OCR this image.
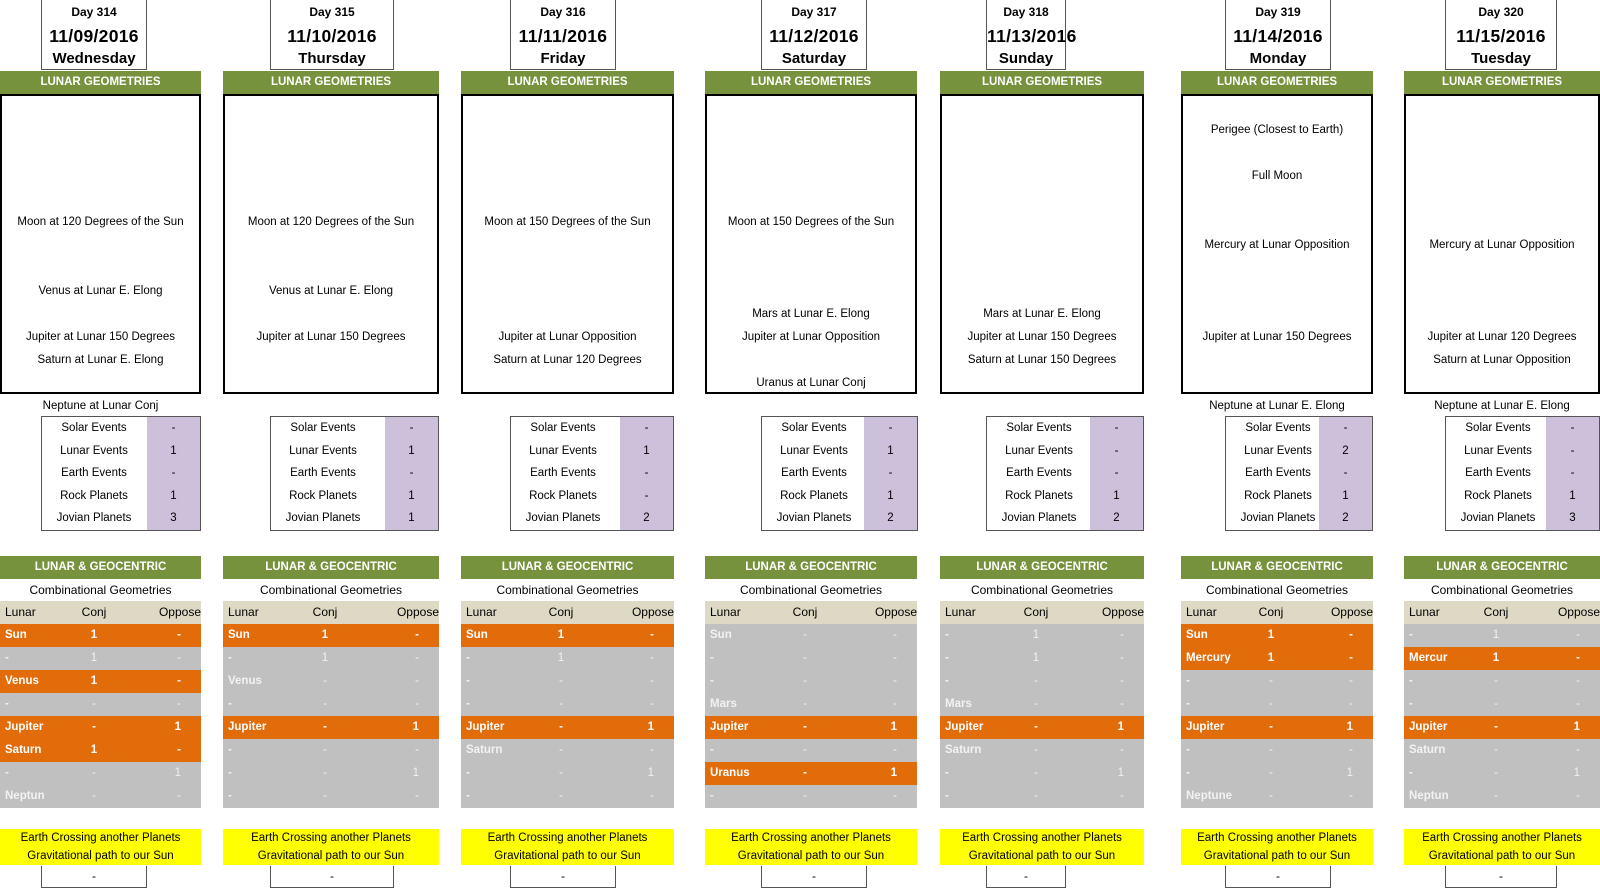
LUNAR GEOMETRIES
Moon at 120 Degrees of the Sun
Venus at Lunar E. Elong
Jupiter at Lunar 150 Degrees
Saturn at Lunar E. Elong
Neptune at Lunar Conj
LUNAR & GEOCENTRIC
Combinational Geometries
Lunar	Conj	Oppose
Sun	1	-
-	1	-
Venus	1	-
-	-	-
Jupiter	-	1
Saturn	1	-
-	-	1
Neptun	-	-
Earth Crossing another Planets
Gravitational path to our Sun
Day 314
11/09/2016
Wednesday
Solar Events	-
Lunar Events	1
Earth Events	-
Rock Planets	1
Jovian Planets	3
-
LUNAR GEOMETRIES
Moon at 120 Degrees of the Sun
Venus at Lunar E. Elong
Jupiter at Lunar 150 Degrees
LUNAR & GEOCENTRIC
Combinational Geometries
Lunar	Conj	Oppose
Sun	1	-
-	1	-
Venus	-	-
-	-	-
Jupiter	-	1
-	-	-
-	-	1
-	-	-
Earth Crossing another Planets
Gravitational path to our Sun
Day 315
11/10/2016
Thursday
Solar Events	-
Lunar Events	1
Earth Events	-
Rock Planets	1
Jovian Planets	1
-
LUNAR GEOMETRIES
Moon at 150 Degrees of the Sun
Jupiter at Lunar Opposition
Saturn at Lunar 120 Degrees
LUNAR & GEOCENTRIC
Combinational Geometries
Lunar	Conj	Oppose
Sun	1	-
-	1	-
-	-	-
-	-	-
Jupiter	-	1
Saturn	-	-
-	-	1
-	-	-
Earth Crossing another Planets
Gravitational path to our Sun
Day 316
11/11/2016
Friday
Solar Events	-
Lunar Events	1
Earth Events	-
Rock Planets	-
Jovian Planets	2
-
LUNAR GEOMETRIES
Moon at 150 Degrees of the Sun
Mars at Lunar E. Elong
Jupiter at Lunar Opposition
Uranus at Lunar Conj
LUNAR & GEOCENTRIC
Combinational Geometries
Lunar	Conj	Oppose
Sun	-	-
-	-	-
-	-	-
Mars	-	-
Jupiter	-	1
-	-	-
Uranus	-	1
-	-	-
Earth Crossing another Planets
Gravitational path to our Sun
Day 317
11/12/2016
Saturday
Solar Events	-
Lunar Events	1
Earth Events	-
Rock Planets	1
Jovian Planets	2
-
LUNAR GEOMETRIES
Mars at Lunar E. Elong
Jupiter at Lunar 150 Degrees
Saturn at Lunar 150 Degrees
LUNAR & GEOCENTRIC
Combinational Geometries
Lunar	Conj	Oppose
-	1	-
-	1	-
-	-	-
Mars	-	-
Jupiter	-	1
Saturn	-	-
-	-	1
-	-	-
Earth Crossing another Planets
Gravitational path to our Sun
Day 318
11/13/2016
Sunday
Solar Events	-
Lunar Events	-
Earth Events	-
Rock Planets	1
Jovian Planets	2
-
LUNAR GEOMETRIES
Perigee (Closest to Earth)
Full Moon
Mercury at Lunar Opposition
Jupiter at Lunar 150 Degrees
Neptune at Lunar E. Elong
LUNAR & GEOCENTRIC
Combinational Geometries
Lunar	Conj	Oppose
Sun	1	-
Mercury	1	-
-	-	-
-	-	-
Jupiter	-	1
-	-	-
-	-	1
Neptune	-	-
Earth Crossing another Planets
Gravitational path to our Sun
Day 319
11/14/2016
Monday
Solar Events	-
Lunar Events	2
Earth Events	-
Rock Planets	1
Jovian Planets	2
-
LUNAR GEOMETRIES
Mercury at Lunar Opposition
Jupiter at Lunar 120 Degrees
Saturn at Lunar Opposition
Neptune at Lunar E. Elong
LUNAR & GEOCENTRIC
Combinational Geometries
Lunar	Conj	Oppose
-	1	-
Mercur	1	-
-	-	-
-	-	-
Jupiter	-	1
Saturn	-	-
-	-	1
Neptun	-	-
Earth Crossing another Planets
Gravitational path to our Sun
Day 320
11/15/2016
Tuesday
Solar Events	-
Lunar Events	-
Earth Events	-
Rock Planets	1
Jovian Planets	3
-
